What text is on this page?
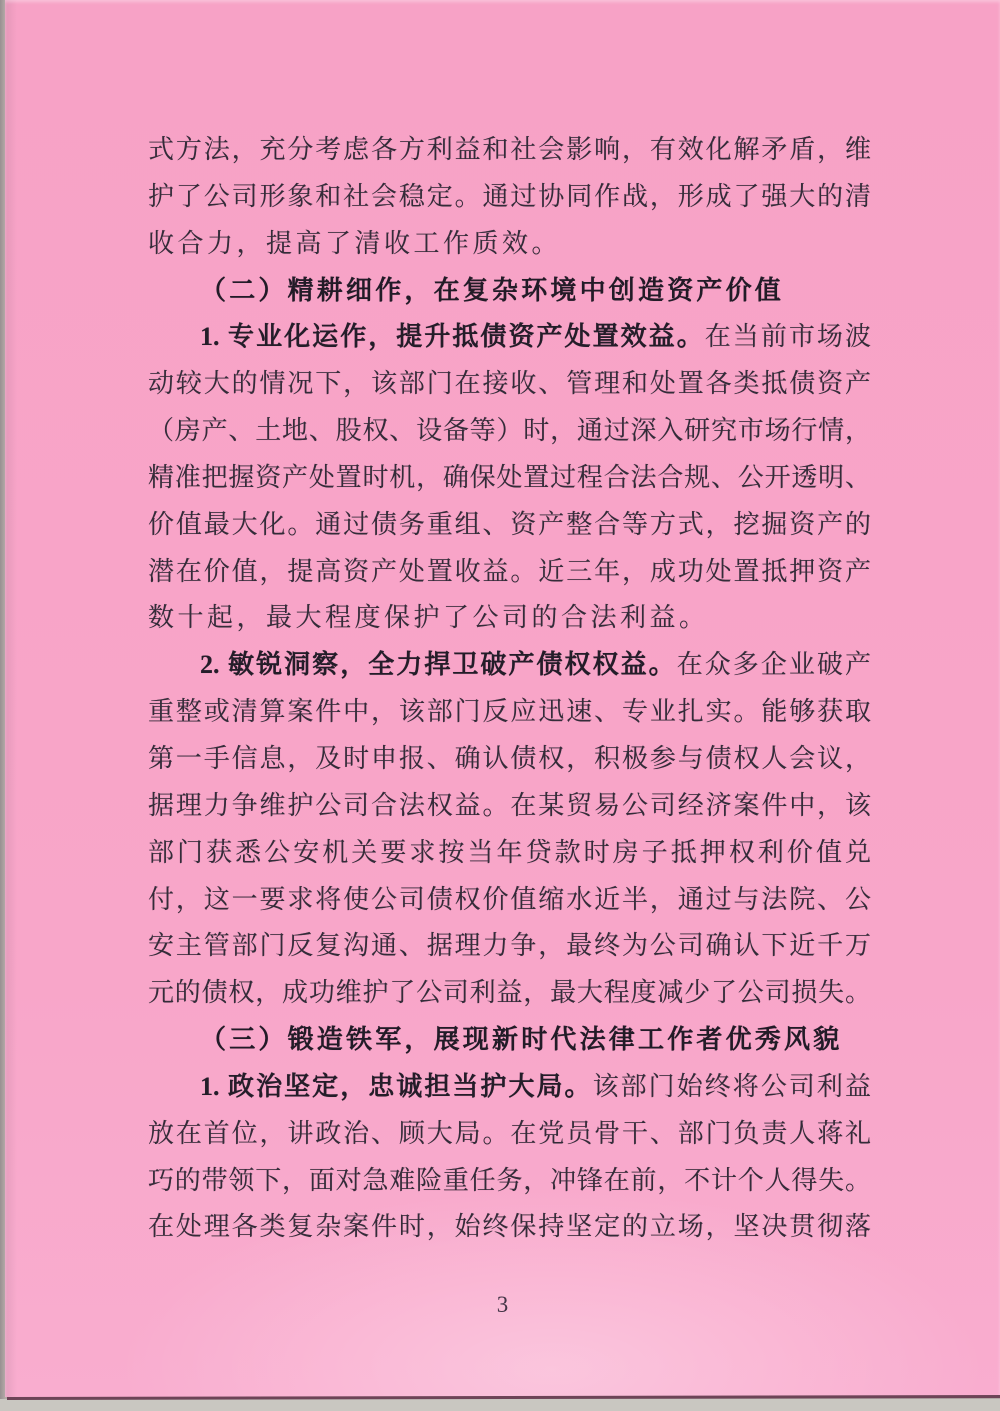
式方法，充分考虑各方利益和社会影响，有效化解矛盾，维
护了公司形象和社会稳定。通过协同作战，形成了强大的清
收合力，提高了清收工作质效。
（二）精耕细作，在复杂环境中创造资产价值
1. 专业化运作，提升抵债资产处置效益。在当前市场波
动较大的情况下，该部门在接收、管理和处置各类抵债资产
（房产、土地、股权、设备等）时，通过深入研究市场行情，
精准把握资产处置时机，确保处置过程合法合规、公开透明、
价值最大化。通过债务重组、资产整合等方式，挖掘资产的
潜在价值，提高资产处置收益。近三年，成功处置抵押资产
数十起，最大程度保护了公司的合法利益。
2. 敏锐洞察，全力捍卫破产债权权益。在众多企业破产
重整或清算案件中，该部门反应迅速、专业扎实。能够获取
第一手信息，及时申报、确认债权，积极参与债权人会议，
据理力争维护公司合法权益。在某贸易公司经济案件中，该
部门获悉公安机关要求按当年贷款时房子抵押权利价值兑
付，这一要求将使公司债权价值缩水近半，通过与法院、公
安主管部门反复沟通、据理力争，最终为公司确认下近千万
元的债权，成功维护了公司利益，最大程度减少了公司损失。
（三）锻造铁军，展现新时代法律工作者优秀风貌
1. 政治坚定，忠诚担当护大局。该部门始终将公司利益
放在首位，讲政治、顾大局。在党员骨干、部门负责人蒋礼
巧的带领下，面对急难险重任务，冲锋在前，不计个人得失。
在处理各类复杂案件时，始终保持坚定的立场，坚决贯彻落
3
